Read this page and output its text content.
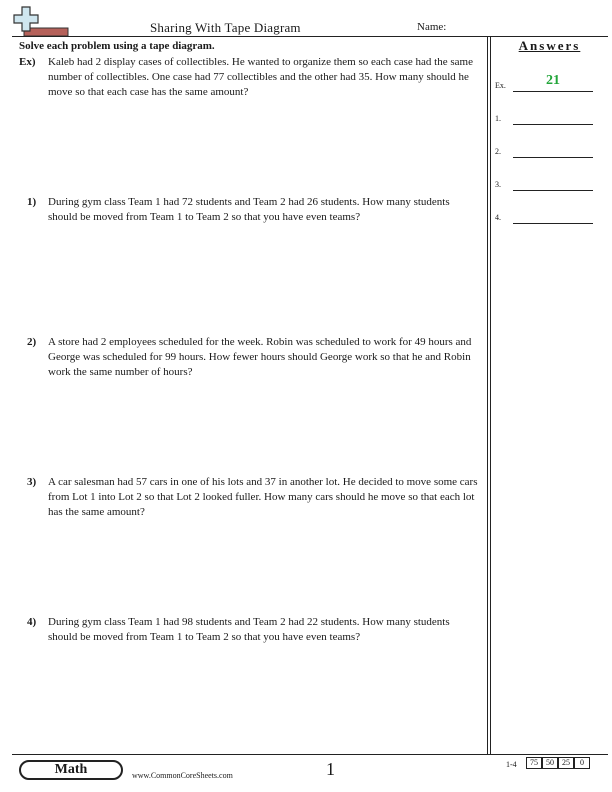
Sharing With Tape Diagram	Name:
Answers
Solve each problem using a tape diagram.
Ex)	Kaleb had 2 display cases of collectibles. He wanted to organize them so each case had the same number of collectibles. One case had 77 collectibles and the other had 35. How many should he move so that each case has the same amount?
1)	During gym class Team 1 had 72 students and Team 2 had 26 students. How many students should be moved from Team 1 to Team 2 so that you have even teams?
2)	A store had 2 employees scheduled for the week. Robin was scheduled to work for 49 hours and George was scheduled for 99 hours. How fewer hours should George work so that he and Robin work the same number of hours?
3)	A car salesman had 57 cars in one of his lots and 37 in another lot. He decided to move some cars from Lot 1 into Lot 2 so that Lot 2 looked fuller. How many cars should he move so that each lot has the same amount?
4)	During gym class Team 1 had 98 students and Team 2 had 22 students. How many students should be moved from Team 1 to Team 2 so that you have even teams?
Ex.	21
1.
2.
3.
4.
Math	www.CommonCoreSheets.com	1	1-4	75	50	25	0
